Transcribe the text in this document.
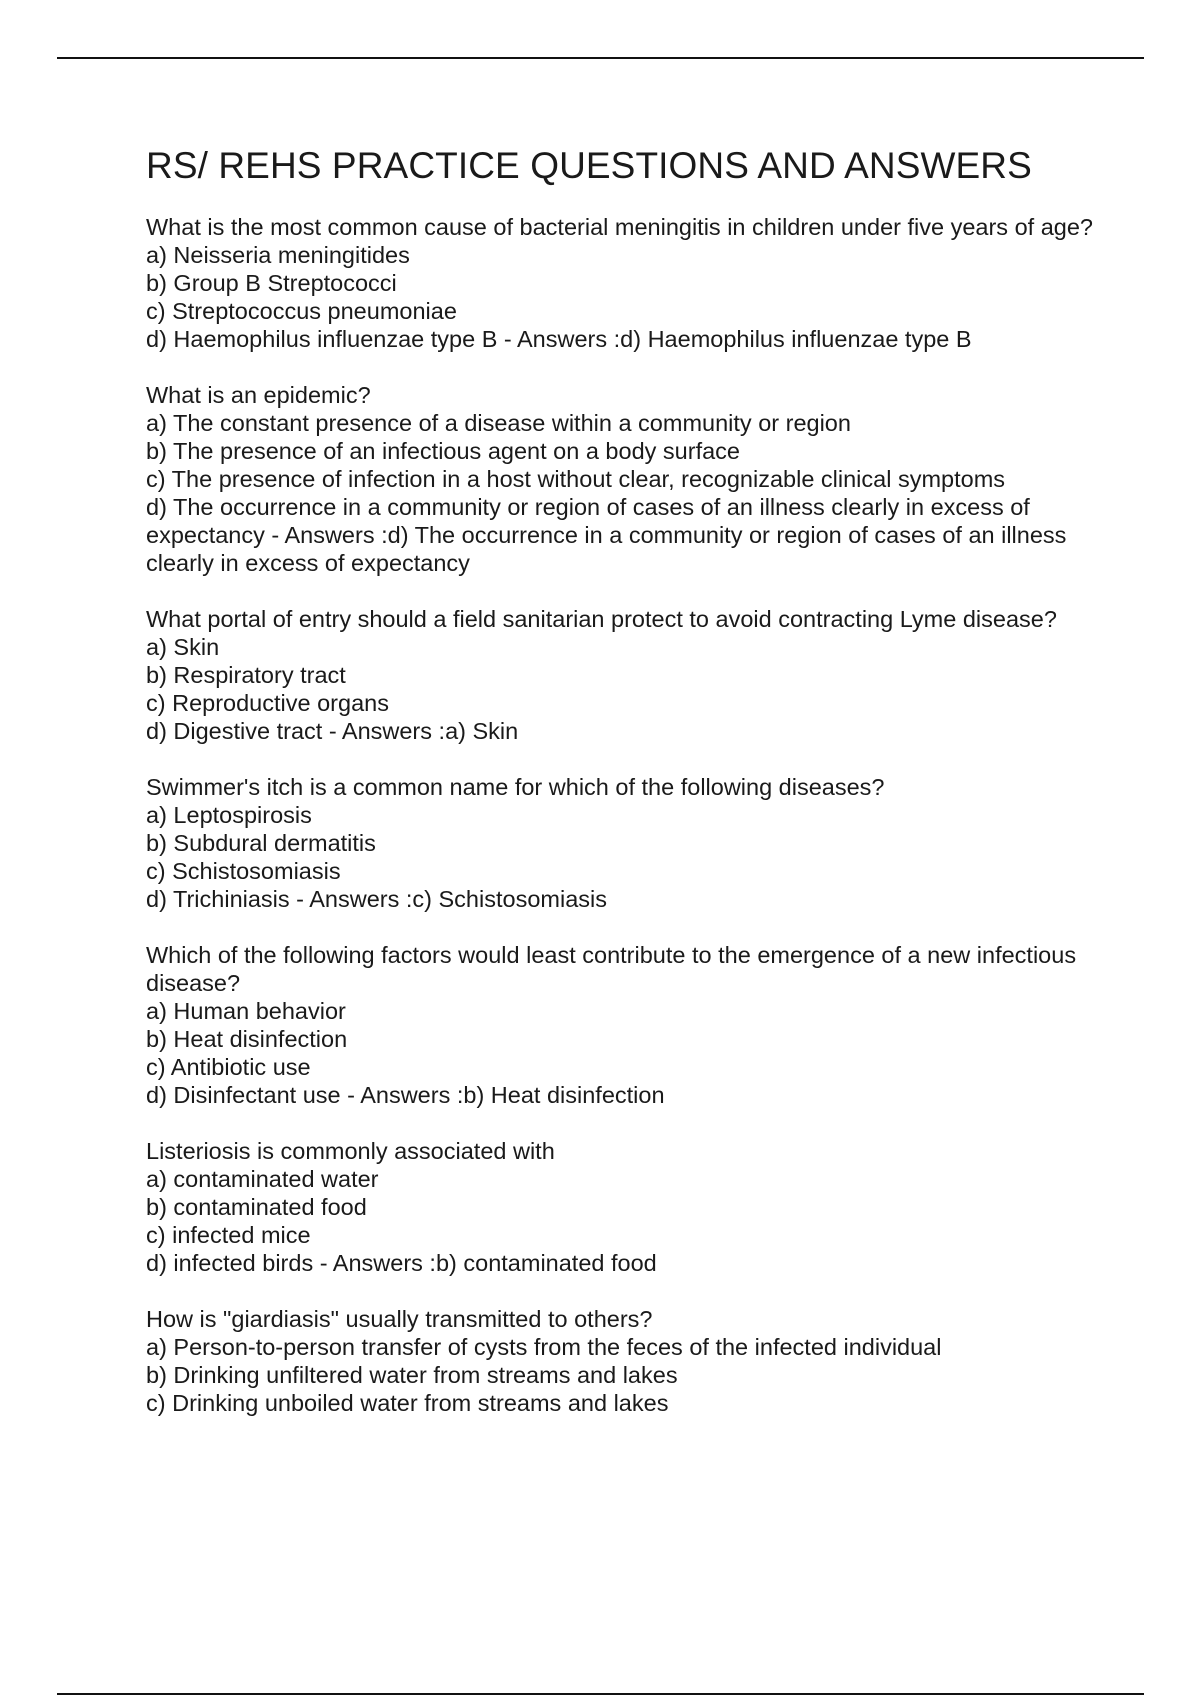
RS/ REHS PRACTICE QUESTIONS AND ANSWERS

What is the most common cause of bacterial meningitis in children under five years of age?

a) Neisseria meningitides

b) Group B Streptococci

c) Streptococcus pneumoniae

d) Haemophilus influenzae type B - Answers :d) Haemophilus influenzae type B

What is an epidemic?

a) The constant presence of a disease within a community or region

b) The presence of an infectious agent on a body surface

c) The presence of infection in a host without clear, recognizable clinical symptoms

d) The occurrence in a community or region of cases of an illness clearly in excess of expectancy - Answers :d) The occurrence in a community or region of cases of an illness clearly in excess of expectancy

What portal of entry should a field sanitarian protect to avoid contracting Lyme disease?

a) Skin

b) Respiratory tract

c) Reproductive organs

d) Digestive tract - Answers :a) Skin

Swimmer's itch is a common name for which of the following diseases?

a) Leptospirosis

b) Subdural dermatitis

c) Schistosomiasis

d) Trichiniasis - Answers :c) Schistosomiasis

Which of the following factors would least contribute to the emergence of a new infectious disease?

a) Human behavior

b) Heat disinfection

c) Antibiotic use

d) Disinfectant use - Answers :b) Heat disinfection

Listeriosis is commonly associated with

a) contaminated water

b) contaminated food

c) infected mice

d) infected birds - Answers :b) contaminated food

How is "giardiasis" usually transmitted to others?

a) Person-to-person transfer of cysts from the feces of the infected individual

b) Drinking unfiltered water from streams and lakes

c) Drinking unboiled water from streams and lakes
